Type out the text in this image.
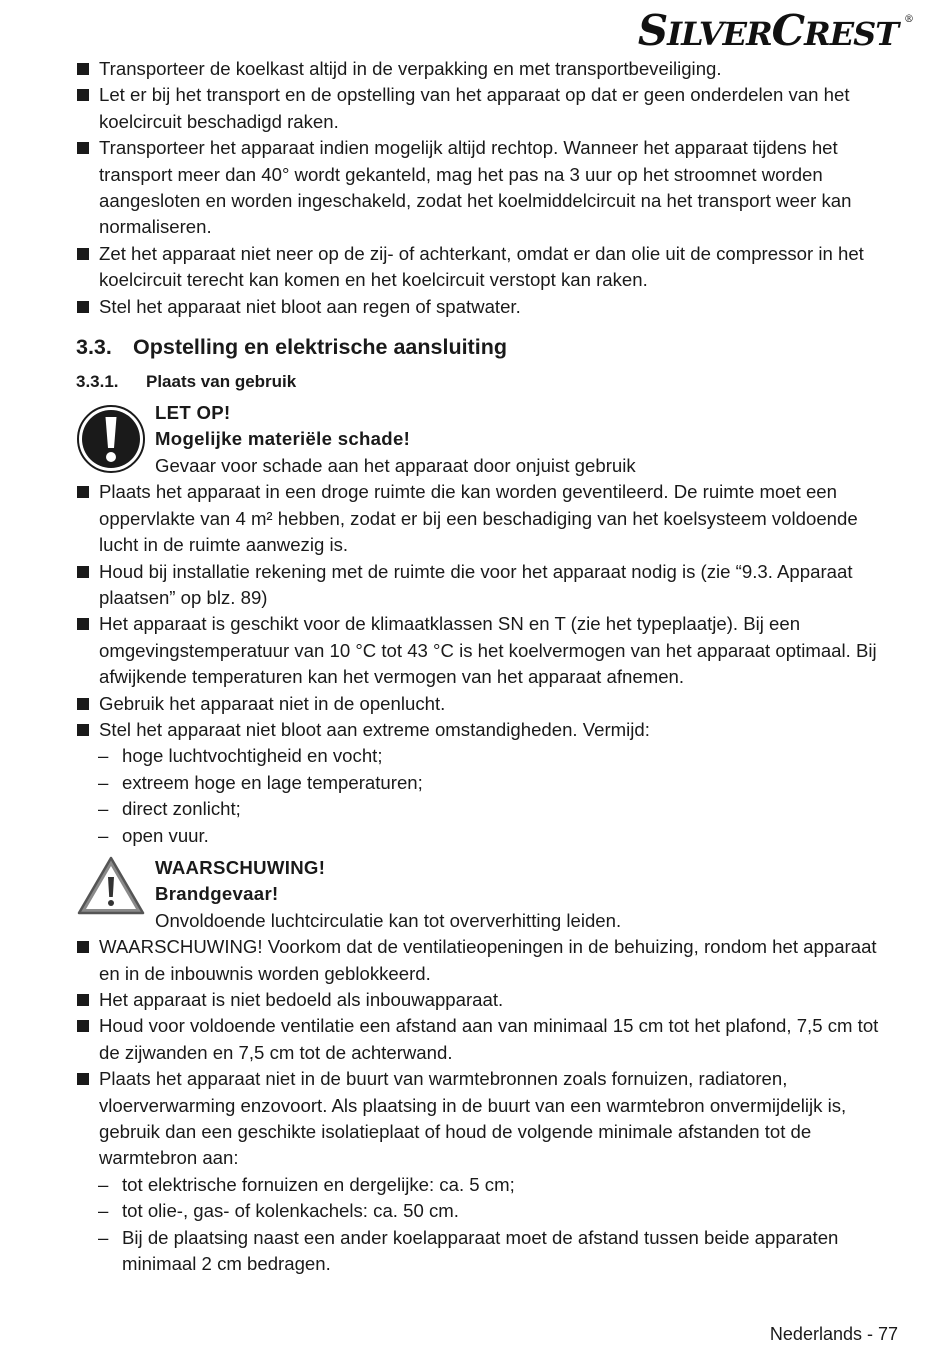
SILVERCREST ®
Transporteer de koelkast altijd in de verpakking en met transportbeveiliging.
Let er bij het transport en de opstelling van het apparaat op dat er geen onderdelen van het koelcircuit beschadigd raken.
Transporteer het apparaat indien mogelijk altijd rechtop. Wanneer het apparaat tijdens het transport meer dan 40° wordt gekanteld, mag het pas na 3 uur op het stroomnet worden aangesloten en worden ingeschakeld, zodat het koelmiddelcircuit na het transport weer kan normaliseren.
Zet het apparaat niet neer op de zij- of achterkant, omdat er dan olie uit de compressor in het koelcircuit terecht kan komen en het koelcircuit verstopt kan raken.
Stel het apparaat niet bloot aan regen of spatwater.
3.3. Opstelling en elektrische aansluiting
3.3.1. Plaats van gebruik
LET OP!
Mogelijke materiële schade!
Gevaar voor schade aan het apparaat door onjuist gebruik
Plaats het apparaat in een droge ruimte die kan worden geventileerd. De ruimte moet een oppervlakte van 4 m² hebben, zodat er bij een beschadiging van het koelsysteem voldoende lucht in de ruimte aanwezig is.
Houd bij installatie rekening met de ruimte die voor het apparaat nodig is (zie “9.3. Apparaat plaatsen” op blz. 89)
Het apparaat is geschikt voor de klimaatklassen SN en T (zie het typeplaatje). Bij een omgevingstemperatuur van 10 °C tot 43 °C is het koelvermogen van het apparaat optimaal. Bij afwijkende temperaturen kan het vermogen van het apparaat afnemen.
Gebruik het apparaat niet in de openlucht.
Stel het apparaat niet bloot aan extreme omstandigheden. Vermijd:
– hoge luchtvochtigheid en vocht;
– extreem hoge en lage temperaturen;
– direct zonlicht;
– open vuur.
WAARSCHUWING!
Brandgevaar!
Onvoldoende luchtcirculatie kan tot oververhitting leiden.
WAARSCHUWING! Voorkom dat de ventilatieopeningen in de behuizing, rondom het apparaat en in de inbouwnis worden geblokkeerd.
Het apparaat is niet bedoeld als inbouwapparaat.
Houd voor voldoende ventilatie een afstand aan van minimaal 15 cm tot het plafond, 7,5 cm tot de zijwanden en 7,5 cm tot de achterwand.
Plaats het apparaat niet in de buurt van warmtebronnen zoals fornuizen, radiatoren, vloerverwarming enzovoort. Als plaatsing in de buurt van een warmtebron onvermijdelijk is, gebruik dan een geschikte isolatieplaat of houd de volgende minimale afstanden tot de warmtebron aan:
– tot elektrische fornuizen en dergelijke: ca. 5 cm;
– tot olie-, gas- of kolenkachels: ca. 50 cm.
– Bij de plaatsing naast een ander koelapparaat moet de afstand tussen beide apparaten minimaal 2 cm bedragen.
Nederlands - 77
